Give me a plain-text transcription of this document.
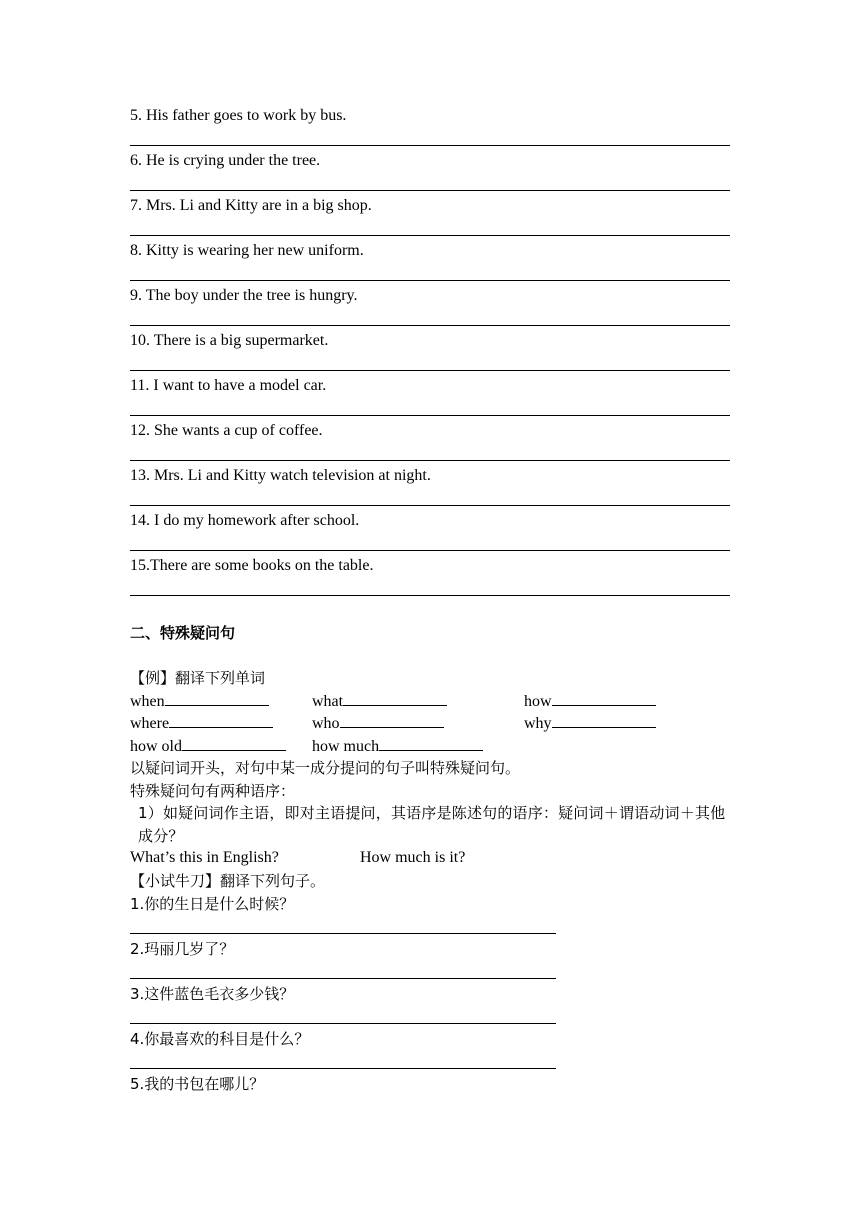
5. His father goes to work by bus.
6. He is crying under the tree.
7. Mrs. Li and Kitty are in a big shop.
8. Kitty is wearing her new uniform.
9. The boy under the tree is hungry.
10. There is a big supermarket.
11. I want to have a model car.
12. She wants a cup of coffee.
13. Mrs. Li and Kitty watch television at night.
14. I do my homework after school.
15.There are some books on the table.
二、特殊疑问句
【例】翻译下列单词
when	what	how
where	who	why
how old	how much
以疑问词开头，对句中某一成分提问的句子叫特殊疑问句。
特殊疑问句有两种语序：
1）如疑问词作主语，即对主语提问，其语序是陈述句的语序：疑问词＋谓语动词＋其他成分？
What’s this in English?	How much is it?
【小试牛刀】翻译下列句子。
1.你的生日是什么时候？
2.玛丽几岁了？
3.这件蓝色毛衣多少钱？
4.你最喜欢的科目是什么？
5.我的书包在哪儿？
